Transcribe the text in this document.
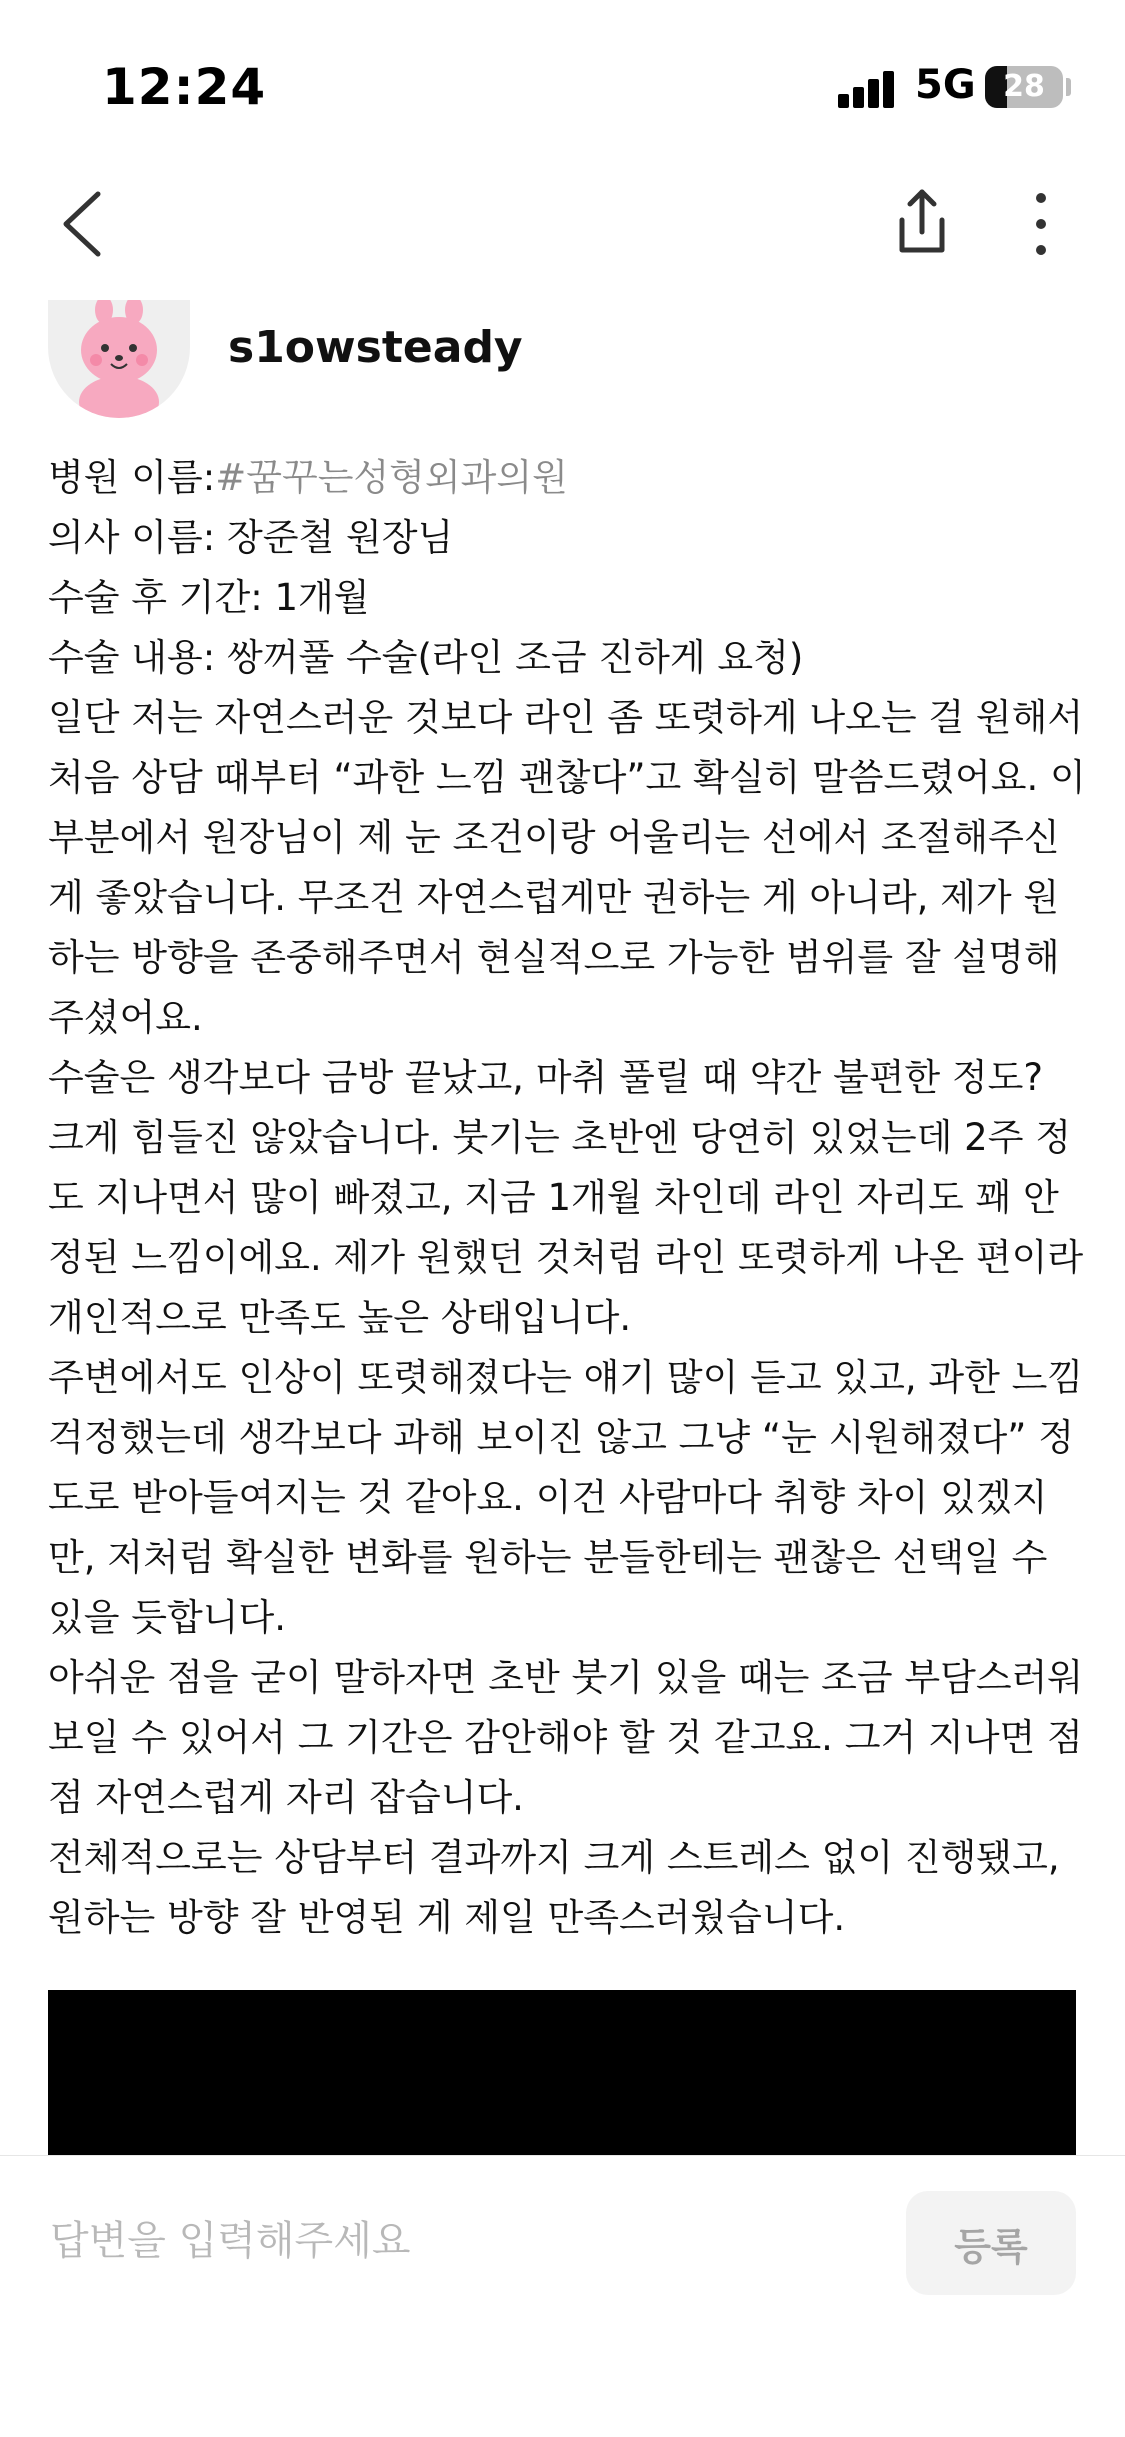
12:24	5G 28
s1owsteady
병원 이름:#꿈꾸는성형외과의원
의사 이름: 장준철 원장님
수술 후 기간: 1개월
수술 내용: 쌍꺼풀 수술(라인 조금 진하게 요청)
일단 저는 자연스러운 것보다 라인 좀 또렷하게 나오는 걸 원해서
처음 상담 때부터 “과한 느낌 괜찮다”고 확실히 말씀드렸어요. 이
부분에서 원장님이 제 눈 조건이랑 어울리는 선에서 조절해주신
게 좋았습니다. 무조건 자연스럽게만 권하는 게 아니라, 제가 원
하는 방향을 존중해주면서 현실적으로 가능한 범위를 잘 설명해
주셨어요.
수술은 생각보다 금방 끝났고, 마취 풀릴 때 약간 불편한 정도?
크게 힘들진 않았습니다. 붓기는 초반엔 당연히 있었는데 2주 정
도 지나면서 많이 빠졌고, 지금 1개월 차인데 라인 자리도 꽤 안
정된 느낌이에요. 제가 원했던 것처럼 라인 또렷하게 나온 편이라
개인적으로 만족도 높은 상태입니다.
주변에서도 인상이 또렷해졌다는 얘기 많이 듣고 있고, 과한 느낌
걱정했는데 생각보다 과해 보이진 않고 그냥 “눈 시원해졌다” 정
도로 받아들여지는 것 같아요. 이건 사람마다 취향 차이 있겠지
만, 저처럼 확실한 변화를 원하는 분들한테는 괜찮은 선택일 수
있을 듯합니다.
아쉬운 점을 굳이 말하자면 초반 붓기 있을 때는 조금 부담스러워
보일 수 있어서 그 기간은 감안해야 할 것 같고요. 그거 지나면 점
점 자연스럽게 자리 잡습니다.
전체적으로는 상담부터 결과까지 크게 스트레스 없이 진행됐고,
원하는 방향 잘 반영된 게 제일 만족스러웠습니다.
답변을 입력해주세요
등록
